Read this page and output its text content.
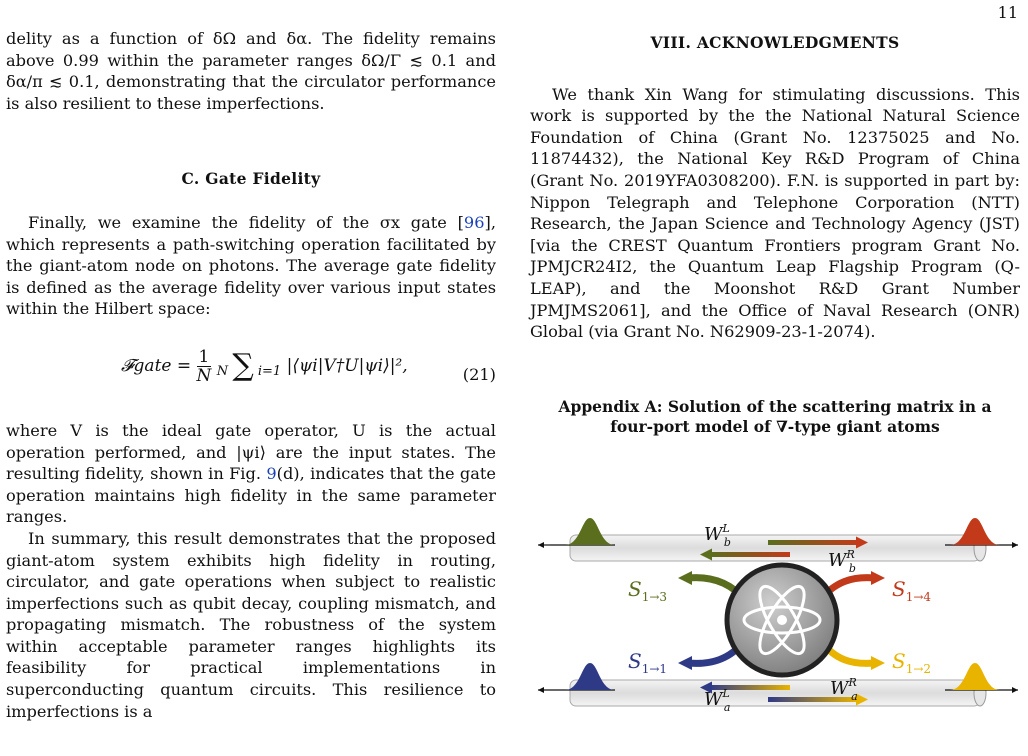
11

delity as a function of δΩ and δα. The fidelity remains above 0.99 within the parameter ranges δΩ/Γ ≲ 0.1 and δα/π ≲ 0.1, demonstrating that the circulator performance is also resilient to these imperfections.

C. Gate Fidelity

Finally, we examine the fidelity of the σx gate [96], which represents a path-switching operation facilitated by the giant-atom node on photons. The average gate fidelity is defined as the average fidelity over various input states within the Hilbert space:

𝓕gate = $\frac{1}{N}$ N ∑ i=1 |⟨ψi|V†U|ψi⟩|²,	(21)

where V is the ideal gate operator, U is the actual operation performed, and |ψi⟩ are the input states. The resulting fidelity, shown in Fig. 9(d), indicates that the gate operation maintains high fidelity in the same parameter ranges.

In summary, this result demonstrates that the proposed giant-atom system exhibits high fidelity in routing, circulator, and gate operations when subject to realistic imperfections such as qubit decay, coupling mismatch, and propagating mismatch. The robustness of the system within acceptable parameter ranges highlights its feasibility for practical implementations in superconducting quantum circuits. This resilience to imperfections is a

VIII. ACKNOWLEDGMENTS

We thank Xin Wang for stimulating discussions. This work is supported by the the National Natural Science Foundation of China (Grant No. 12375025 and No. 11874432), the National Key R&D Program of China (Grant No. 2019YFA0308200). F.N. is supported in part by: Nippon Telegraph and Telephone Corporation (NTT) Research, the Japan Science and Technology Agency (JST) [via the CREST Quantum Frontiers program Grant No. JPMJCR24I2, the Quantum Leap Flagship Program (Q-LEAP), and the Moonshot R&D Grant Number JPMJMS2061], and the Office of Naval Research (ONR) Global (via Grant No. N62909-23-1-2074).

Appendix A: Solution of the scattering matrix in a
four-port model of ∇-type giant atoms
$W^L$ b
$W^R$ b
$W^L$ a
$W^R$ a
$S_{1\to 3}$	$S_{1\to 4}$
$S_{1\to 1}$	$S_{1\to 2}$
